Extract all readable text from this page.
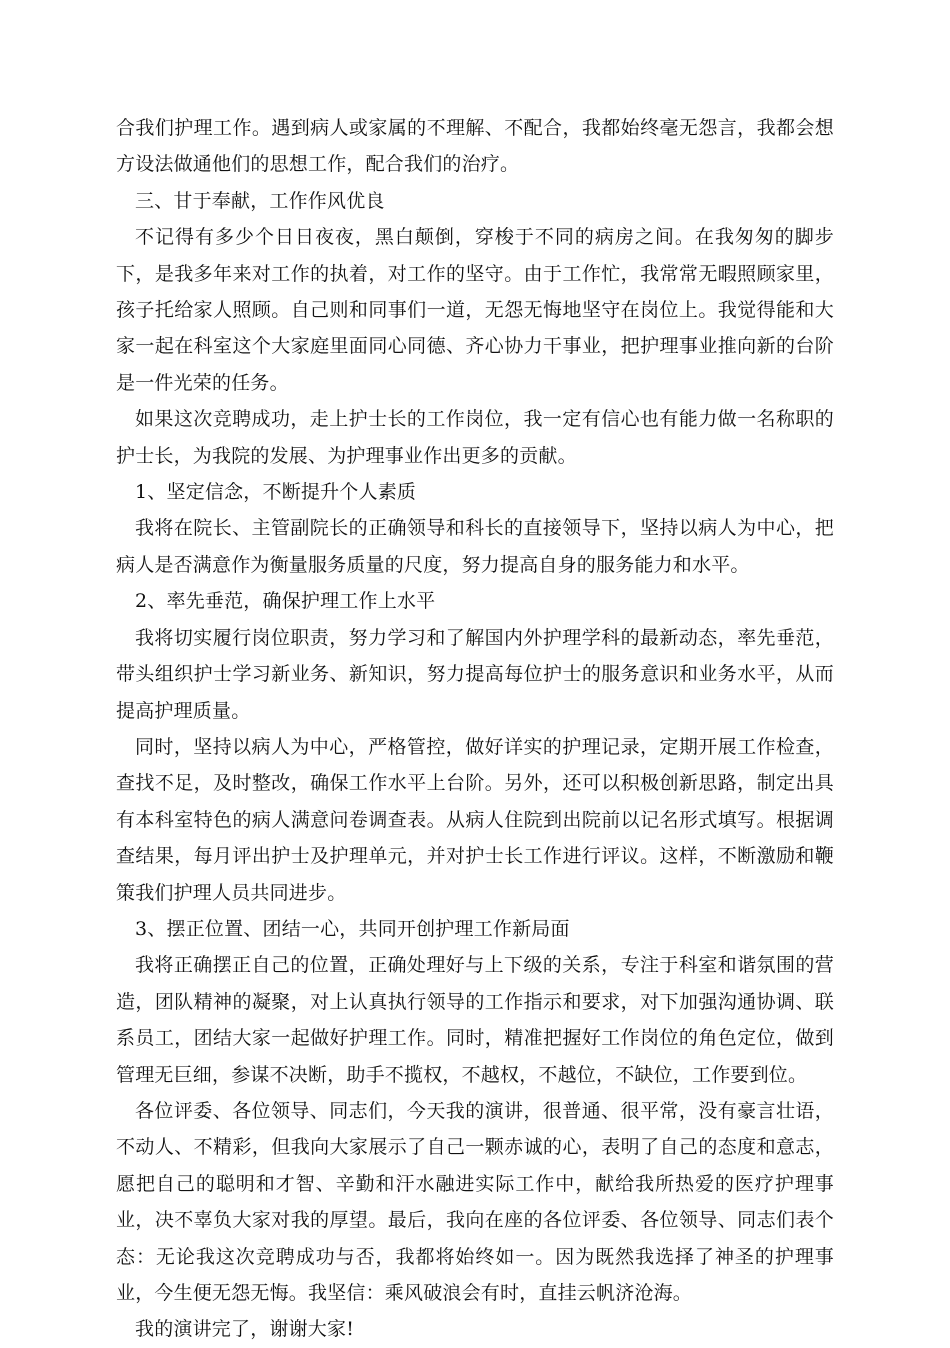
合我们护理工作。遇到病人或家属的不理解、不配合，我都始终毫无怨言，我都会想方设法做通他们的思想工作，配合我们的治疗。

三、甘于奉献，工作作风优良

不记得有多少个日日夜夜，黑白颠倒，穿梭于不同的病房之间。在我匆匆的脚步下，是我多年来对工作的执着，对工作的坚守。由于工作忙，我常常无暇照顾家里，孩子托给家人照顾。自己则和同事们一道，无怨无悔地坚守在岗位上。我觉得能和大家一起在科室这个大家庭里面同心同德、齐心协力干事业，把护理事业推向新的台阶是一件光荣的任务。

如果这次竞聘成功，走上护士长的工作岗位，我一定有信心也有能力做一名称职的护士长，为我院的发展、为护理事业作出更多的贡献。

1、坚定信念，不断提升个人素质

我将在院长、主管副院长的正确领导和科长的直接领导下，坚持以病人为中心，把病人是否满意作为衡量服务质量的尺度，努力提高自身的服务能力和水平。

2、率先垂范，确保护理工作上水平

我将切实履行岗位职责，努力学习和了解国内外护理学科的最新动态，率先垂范，带头组织护士学习新业务、新知识，努力提高每位护士的服务意识和业务水平，从而提高护理质量。

同时，坚持以病人为中心，严格管控，做好详实的护理记录，定期开展工作检查，查找不足，及时整改，确保工作水平上台阶。另外，还可以积极创新思路，制定出具有本科室特色的病人满意问卷调查表。从病人住院到出院前以记名形式填写。根据调查结果，每月评出护士及护理单元，并对护士长工作进行评议。这样，不断激励和鞭策我们护理人员共同进步。

3、摆正位置、团结一心，共同开创护理工作新局面

我将正确摆正自己的位置，正确处理好与上下级的关系，专注于科室和谐氛围的营造，团队精神的凝聚，对上认真执行领导的工作指示和要求，对下加强沟通协调、联系员工，团结大家一起做好护理工作。同时，精准把握好工作岗位的角色定位，做到管理无巨细，参谋不决断，助手不揽权，不越权，不越位，不缺位，工作要到位。

各位评委、各位领导、同志们，今天我的演讲，很普通、很平常，没有豪言壮语，不动人、不精彩，但我向大家展示了自己一颗赤诚的心，表明了自己的态度和意志，愿把自己的聪明和才智、辛勤和汗水融进实际工作中，献给我所热爱的医疗护理事业，决不辜负大家对我的厚望。最后，我向在座的各位评委、各位领导、同志们表个态：无论我这次竞聘成功与否，我都将始终如一。因为既然我选择了神圣的护理事业，今生便无怨无悔。我坚信：乘风破浪会有时，直挂云帆济沧海。

我的演讲完了，谢谢大家!
